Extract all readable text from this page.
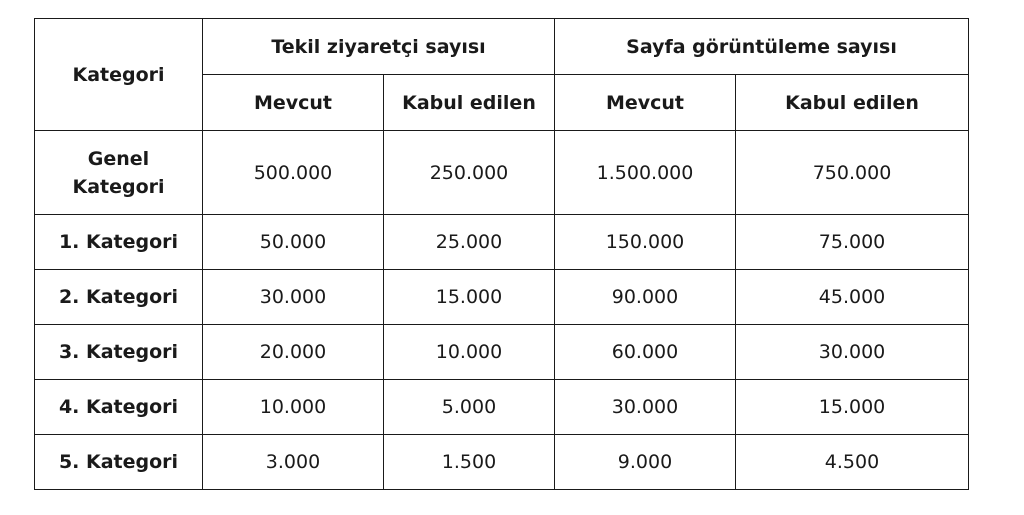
Kategori	Tekil ziyaretçi sayısı		Sayfa görüntüleme sayısı	
	Mevcut	Kabul edilen	Mevcut	Kabul edilen
Genel Kategori	500.000	250.000	1.500.000	750.000
1. Kategori	50.000	25.000	150.000	75.000
2. Kategori	30.000	15.000	90.000	45.000
3. Kategori	20.000	10.000	60.000	30.000
4. Kategori	10.000	5.000	30.000	15.000
5. Kategori	3.000	1.500	9.000	4.500
